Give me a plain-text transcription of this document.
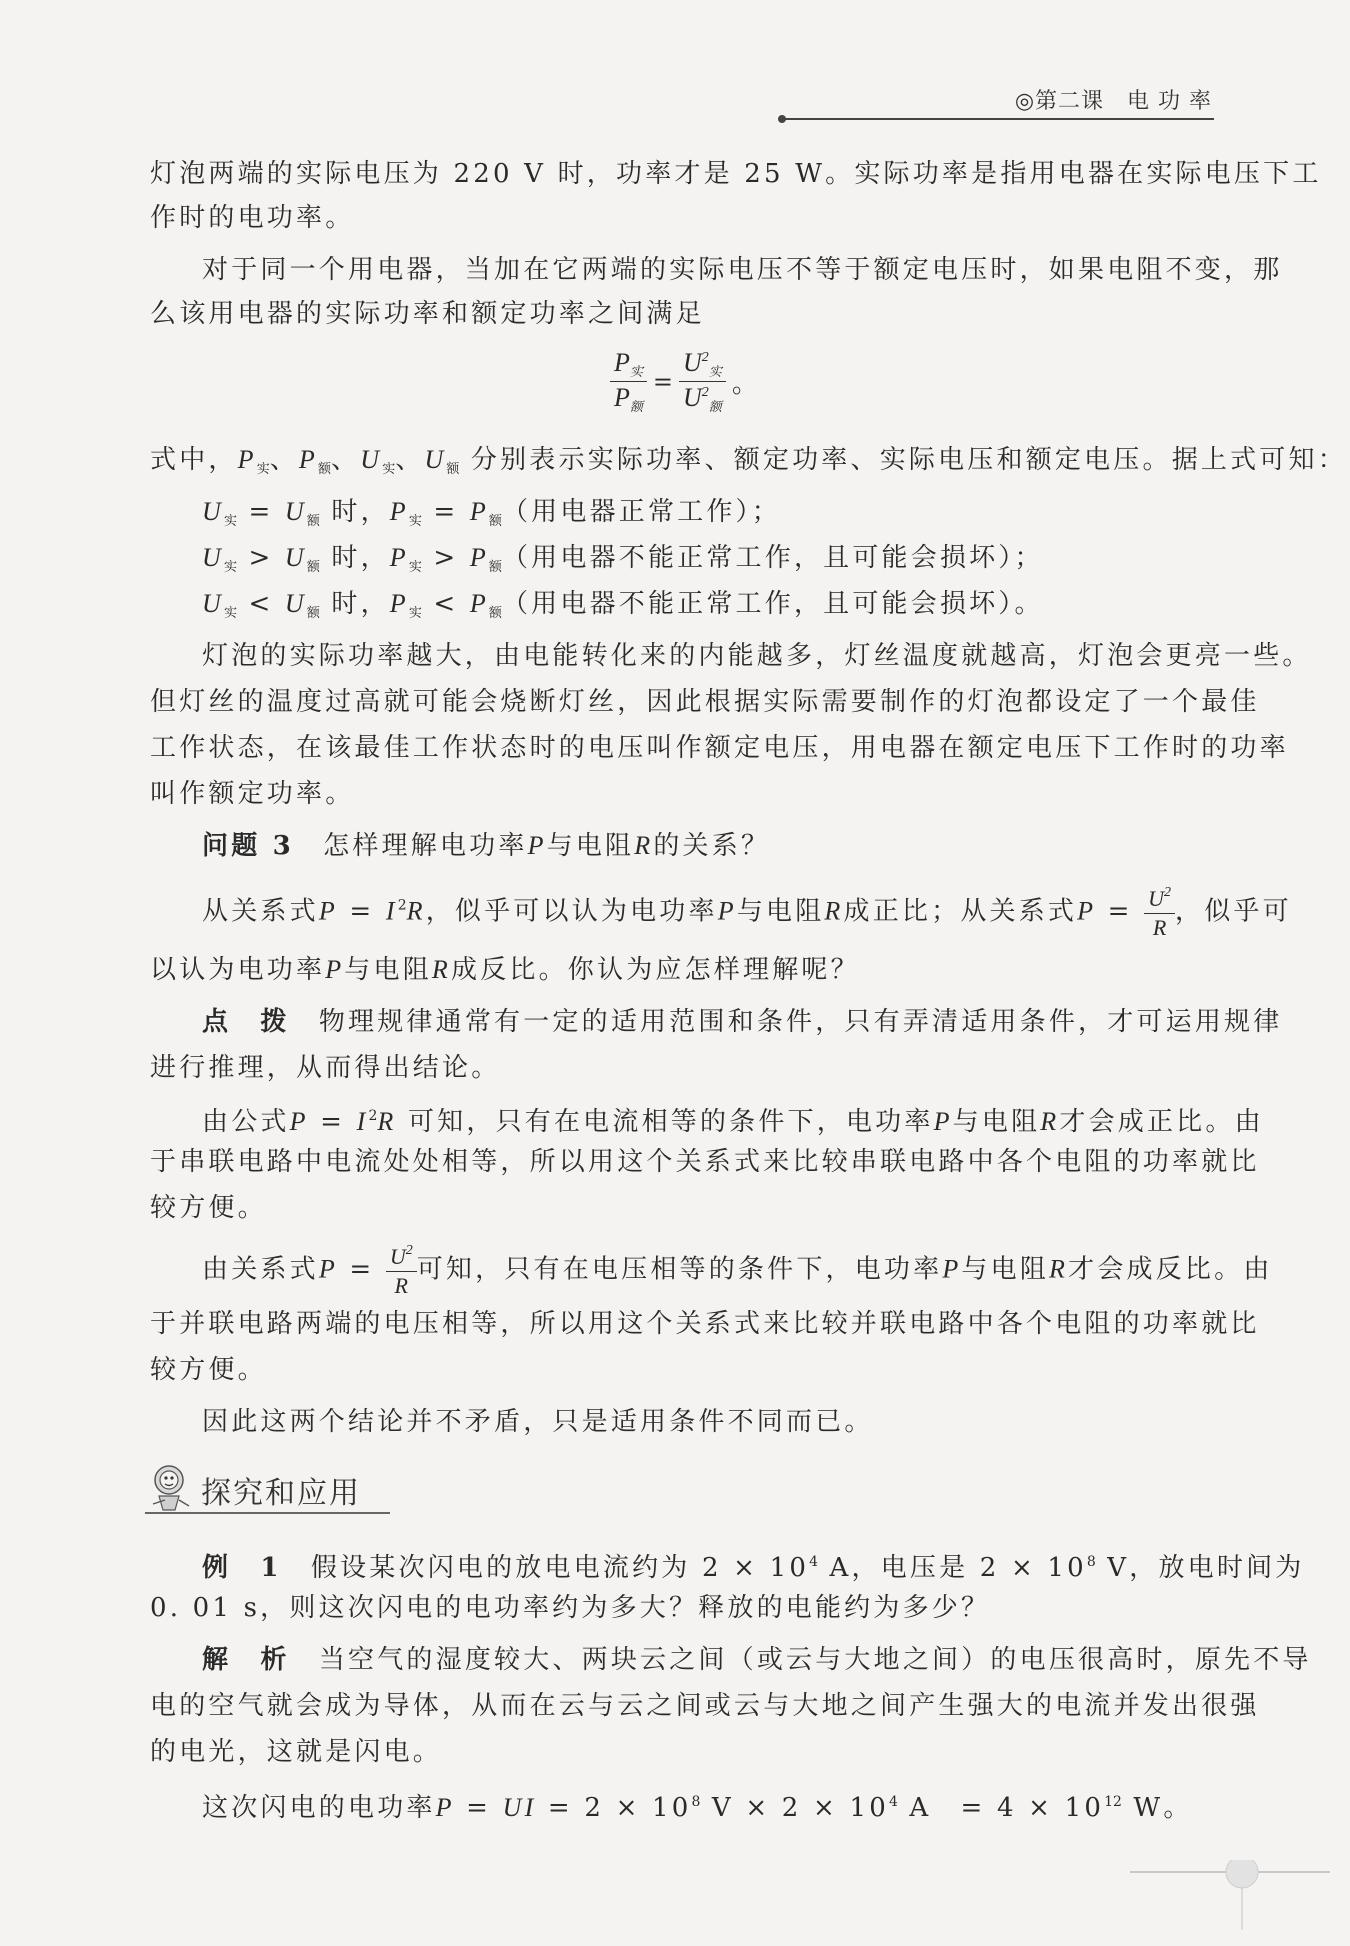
◎第二课　电 功 率
灯泡两端的实际电压为 220 V 时，功率才是 25 W。实际功率是指用电器在实际电压下工
作时的电功率。
对于同一个用电器，当加在它两端的实际电压不等于额定电压时，如果电阻不变，那
么该用电器的实际功率和额定功率之间满足
$\frac{P_实}{P_额} = \frac{U^2_实}{U^2_额}$ 。
式中，$P_实$、$P_额$、$U_实$、$U_额$ 分别表示实际功率、额定功率、实际电压和额定电压。据上式可知：
$U_实 = U_额$ 时，$P_实 = P_额$（用电器正常工作）；
$U_实 > U_额$ 时，$P_实 > P_额$（用电器不能正常工作，且可能会损坏）；
$U_实 < U_额$ 时，$P_实 < P_额$（用电器不能正常工作，且可能会损坏）。
灯泡的实际功率越大，由电能转化来的内能越多，灯丝温度就越高，灯泡会更亮一些。
但灯丝的温度过高就可能会烧断灯丝，因此根据实际需要制作的灯泡都设定了一个最佳
工作状态，在该最佳工作状态时的电压叫作额定电压，用电器在额定电压下工作时的功率
叫作额定功率。
问题 3　 怎样理解电功率P与电阻R的关系？
从关系式$P = I^2R$，似乎可以认为电功率P与电阻R成正比；从关系式$P = \frac{U^2}{R}$ ，似乎可
以认为电功率P与电阻R成反比。你认为应怎样理解呢？
点　拨　 物理规律通常有一定的适用范围和条件，只有弄清适用条件，才可运用规律
进行推理，从而得出结论。
由公式$P = I^2R$ 可知，只有在电流相等的条件下，电功率P与电阻R才会成正比。由
于串联电路中电流处处相等，所以用这个关系式来比较串联电路中各个电阻的功率就比
较方便。
由关系式$P = \frac{U^2}{R}$ 可知，只有在电压相等的条件下，电功率P与电阻R才会成反比。由
于并联电路两端的电压相等，所以用这个关系式来比较并联电路中各个电阻的功率就比
较方便。
因此这两个结论并不矛盾，只是适用条件不同而已。
探究和应用
例　1　 假设某次闪电的放电电流约为 $2 \times 10^4$ A，电压是 $2 \times 10^8$ V，放电时间为
0. 01 s，则这次闪电的电功率约为多大？释放的电能约为多少？
解　析　 当空气的湿度较大、两块云之间（或云与大地之间）的电压很高时，原先不导
电的空气就会成为导体，从而在云与云之间或云与大地之间产生强大的电流并发出很强
的电光，这就是闪电。
这次闪电的电功率P = UI = $2 \times 10^8$ $V \times 2 \times 10^4$ A　= $4 \times 10^{12}$ W。
